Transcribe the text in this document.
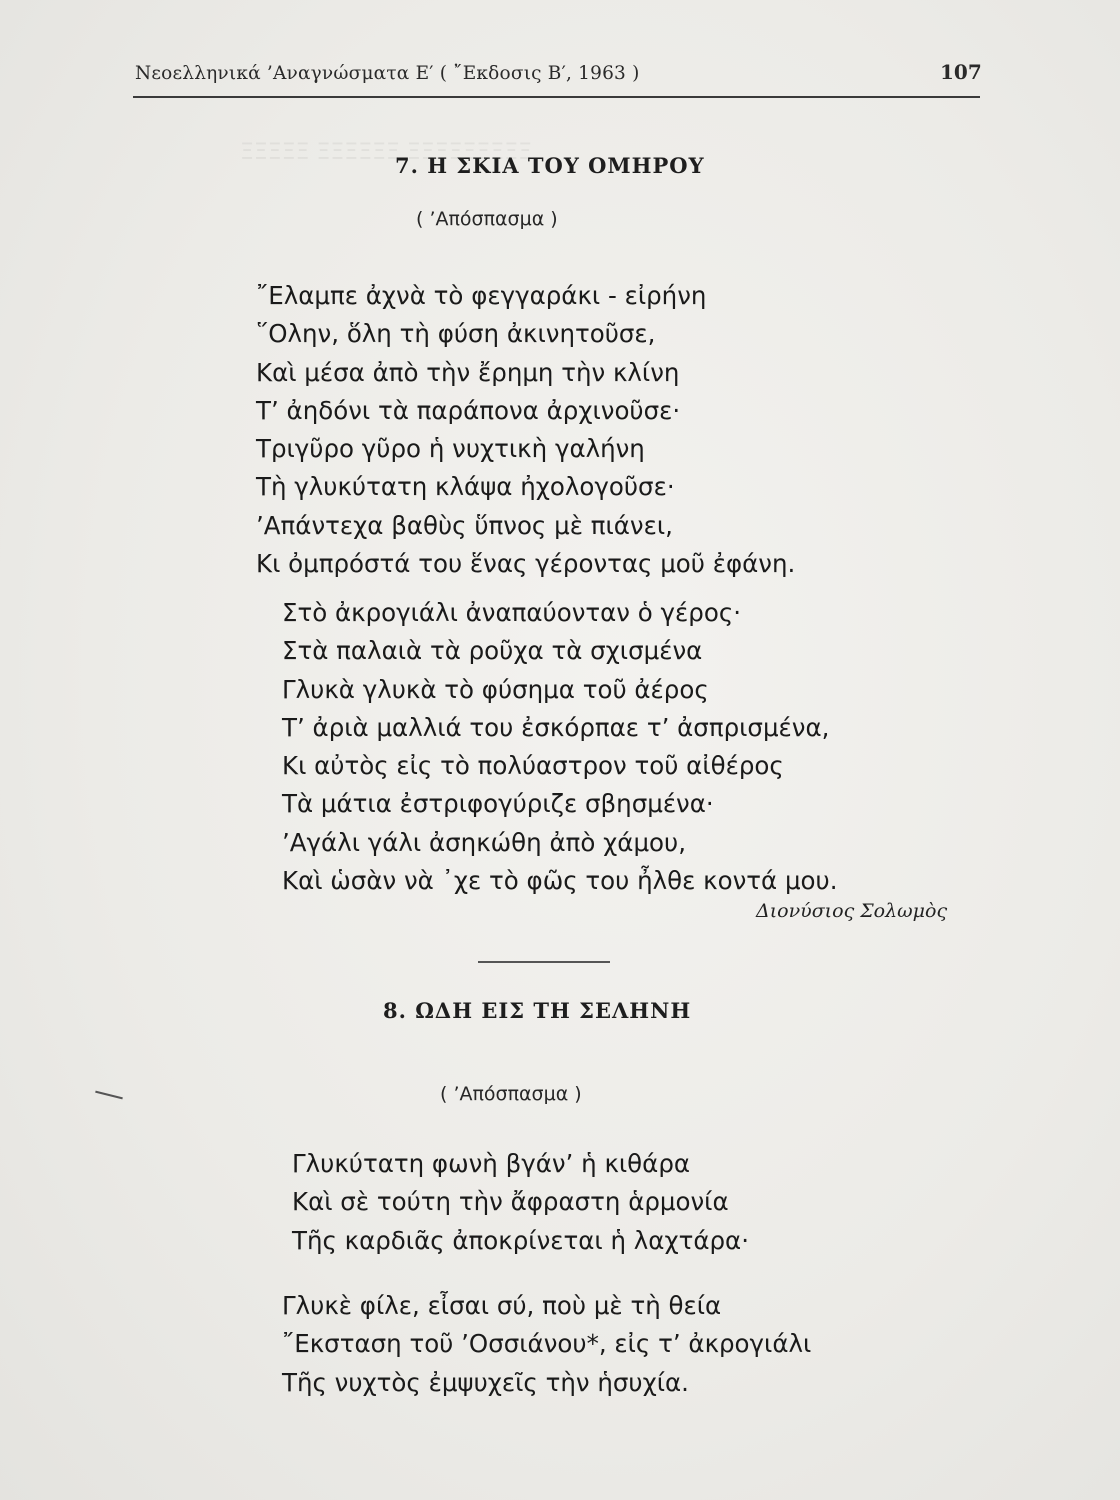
ΞΞΞΞΞ ΞΞΞΞΞΞ ΞΞΞΞΞΞΞΞΞ
Νεοελληνικά ’Αναγνώσματα Ε′ ( ῎Εκδοσις Β′, 1963 )	107
7. Η ΣΚΙΑ ΤΟΥ ΟΜΗΡΟΥ
( ’Απόσπασμα )
῎Ελαμπε ἀχνὰ τὸ φεγγαράκι - εἰρήνη
῞Ολην, ὅλη τὴ φύση ἀκινητοῦσε,
Καὶ μέσα ἀπὸ τὴν ἔρημη τὴν κλίνη
Τ’ ἀηδόνι τὰ παράπονα ἀρχινοῦσε·
Τριγῦρο γῦρο ἡ νυχτικὴ γαλήνη
Τὴ γλυκύτατη κλάψα ἠχολογοῦσε·
’Απάντεχα βαθὺς ὕπνος μὲ πιάνει,
Κι ὀμπρόστά του ἕνας γέροντας μοῦ ἐφάνη.
Στὸ ἀκρογιάλι ἀναπαύονταν ὁ γέρος·
Στὰ παλαιὰ τὰ ροῦχα τὰ σχισμένα
Γλυκὰ γλυκὰ τὸ φύσημα τοῦ ἀέρος
Τ’ ἀριὰ μαλλιά του ἐσκόρπαε τ’ ἀσπρισμένα,
Κι αὐτὸς εἰς τὸ πολύαστρον τοῦ αἰθέρος
Τὰ μάτια ἐστριφογύριζε σβησμένα·
’Αγάλι γάλι ἀσηκώθη ἀπὸ χάμου,
Καὶ ὡσὰν νὰ ᾽χε τὸ φῶς του ἦλθε κοντά μου.
Διονύσιος Σολωμὸς
8. ΩΔΗ ΕΙΣ ΤΗ ΣΕΛΗΝΗ
( ’Απόσπασμα )
Γλυκύτατη φωνὴ βγάν’ ἡ κιθάρα
Καὶ σὲ τούτη τὴν ἄφραστη ἁρμονία
Τῆς καρδιᾶς ἀποκρίνεται ἡ λαχτάρα·
Γλυκὲ φίλε, εἶσαι σύ, ποὺ μὲ τὴ θεία
῎Εκσταση τοῦ ’Οσσιάνου*, εἰς τ’ ἀκρογιάλι
Τῆς νυχτὸς ἐμψυχεῖς τὴν ἡσυχία.
